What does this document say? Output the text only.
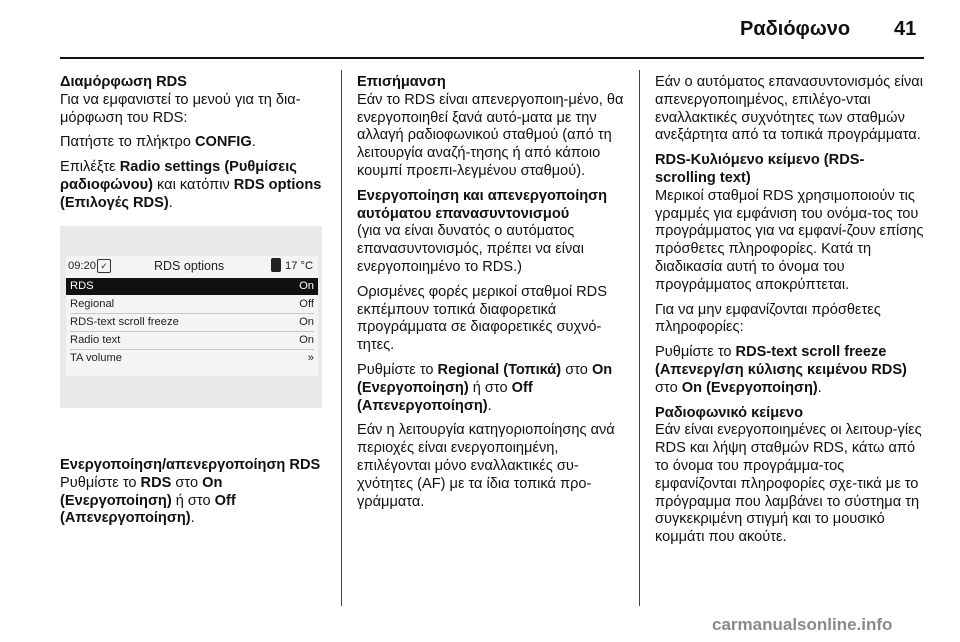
Ραδιόφωνο 41
Διαμόρφωση RDS

Για να εμφανιστεί το μενού για τη δια-μόρφωση του RDS:

Πατήστε το πλήκτρο CONFIG.

Επιλέξτε Radio settings (Ρυθμίσεις ραδιοφώνου) και κατόπιν RDS options (Επιλογές RDS).

09:20 ✓	RDS options	17 °C
RDS	On
Regional	Off
RDS-text scroll freeze	On
Radio text	On
TA volume	»
Ενεργοποίηση/απενεργοποίηση RDS

Ρυθμίστε το RDS στο On (Ενεργοποίηση) ή στο Off (Απενεργοποίηση).

Επισήμανση

Εάν το RDS είναι απενεργοποιη-μένο, θα ενεργοποιηθεί ξανά αυτό-ματα με την αλλαγή ραδιοφωνικού σταθμού (από τη λειτουργία αναζή-τησης ή από κάποιο κουμπί προεπι-λεγμένου σταθμού).

Ενεργοποίηση και απενεργοποίηση αυτόματου επανασυντονισμού

(για να είναι δυνατός ο αυτόματος επανασυντονισμός, πρέπει να είναι ενεργοποιημένο το RDS.)

Ορισμένες φορές μερικοί σταθμοί RDS εκπέμπουν τοπικά διαφορετικά προγράμματα σε διαφορετικές συχνό-τητες.

Ρυθμίστε το Regional (Τοπικά) στο On (Ενεργοποίηση) ή στο Off (Απενεργοποίηση).

Εάν η λειτουργία κατηγοριοποίησης ανά περιοχές είναι ενεργοποιημένη, επιλέγονται μόνο εναλλακτικές συ-χνότητες (AF) με τα ίδια τοπικά προ-γράμματα.

Εάν ο αυτόματος επανασυντονισμός είναι απενεργοποιημένος, επιλέγο-νται εναλλακτικές συχνότητες των σταθμών ανεξάρτητα από τα τοπικά προγράμματα.

RDS-Κυλιόμενο κείμενο (RDS-scrolling text)

Μερικοί σταθμοί RDS χρησιμοποιούν τις γραμμές για εμφάνιση του ονόμα-τος του προγράμματος για να εμφανί-ζουν επίσης πρόσθετες πληροφορίες. Κατά τη διαδικασία αυτή το όνομα του προγράμματος αποκρύπτεται.

Για να μην εμφανίζονται πρόσθετες πληροφορίες:

Ρυθμίστε το RDS-text scroll freeze (Απενεργ/ση κύλισης κειμένου RDS) στο On (Ενεργοποίηση).

Ραδιοφωνικό κείμενο

Εάν είναι ενεργοποιημένες οι λειτουρ-γίες RDS και λήψη σταθμών RDS, κάτω από το όνομα του προγράμμα-τος εμφανίζονται πληροφορίες σχε-τικά με το πρόγραμμα που λαμβάνει το σύστημα τη συγκεκριμένη στιγμή και το μουσικό κομμάτι που ακούτε.

carmanualsonline.info
